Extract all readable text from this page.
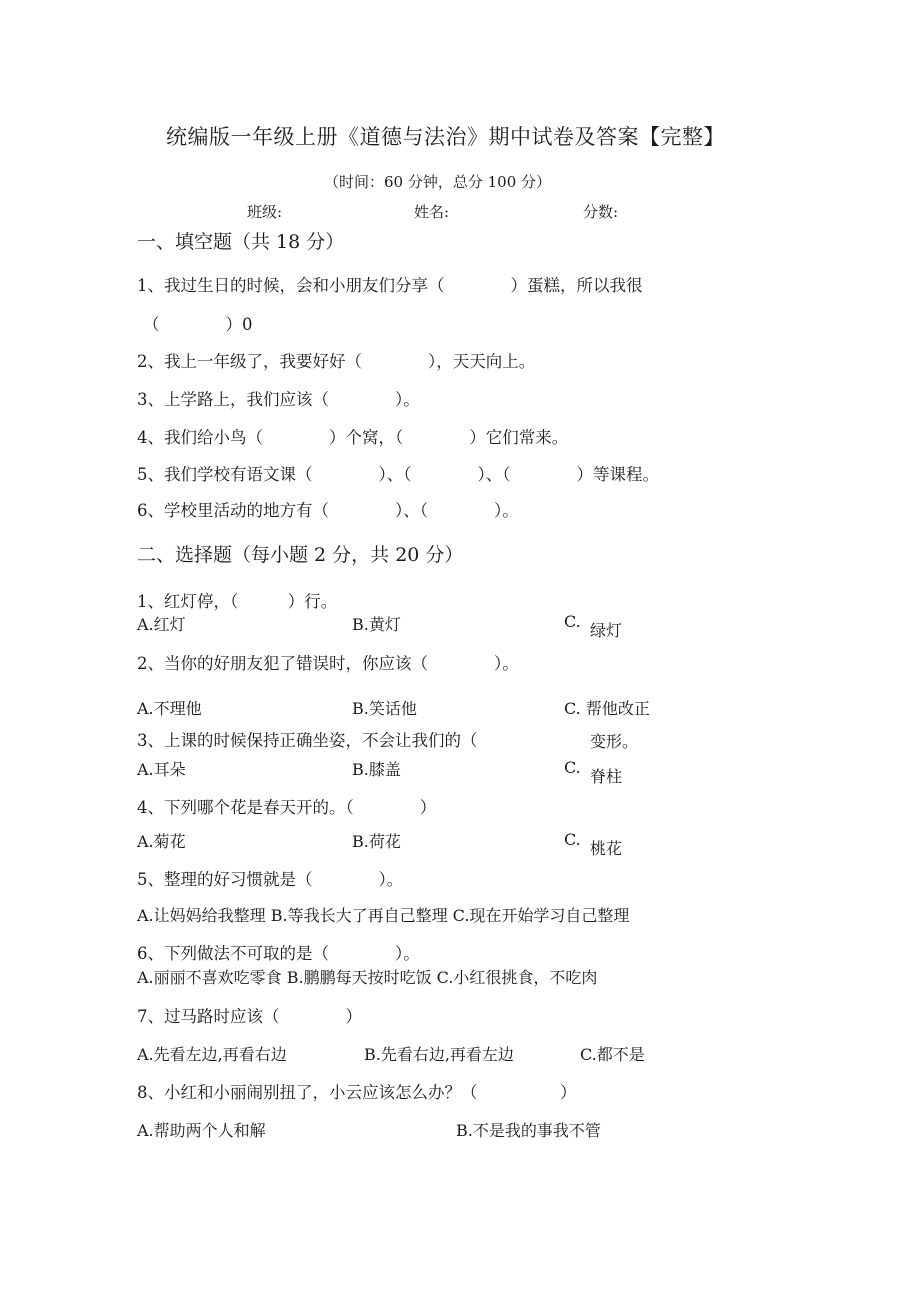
统编版一年级上册《道德与法治》期中试卷及答案【完整】
（时间：60 分钟，总分 100 分）
班级:	姓名:	分数:
一、填空题（共 18 分）
1、我过生日的时候，会和小朋友们分享（　　　　）蛋糕，所以我很
（　　　　）0
2、我上一年级了，我要好好（　　　　），天天向上。
3、上学路上，我们应该（　　　　）。
4、我们给小鸟（　　　　）个窝，（　　　　）它们常来。
5、我们学校有语文课（　　　　）、（　　　　）、（　　　　）等课程。
6、学校里活动的地方有（　　　　）、（　　　　）。
二、选择题（每小题 2 分，共 20 分）
1、红灯停，（　　　）行。
A.红灯	B.黄灯	C. 绿灯
2、当你的好朋友犯了错误时，你应该（　　　　）。
A.不理他	B.笑话他	C. 帮他改正
3、上课的时候保持正确坐姿，不会让我们的（	变形。
A.耳朵	B.膝盖	C. 脊柱
4、下列哪个花是春天开的。（　　　　）
A.菊花	B.荷花	C. 桃花
5、整理的好习惯就是（　　　　）。
A.让妈妈给我整理 B.等我长大了再自己整理 C.现在开始学习自己整理
6、下列做法不可取的是（　　　　）。
A.丽丽不喜欢吃零食 B.鹏鹏每天按时吃饭 C.小红很挑食，不吃肉
7、过马路时应该（　　　　）
A.先看左边,再看右边	B.先看右边,再看左边	C.都不是
8、小红和小丽闹别扭了，小云应该怎么办？（　　　　　）
A.帮助两个人和解	B.不是我的事我不管
